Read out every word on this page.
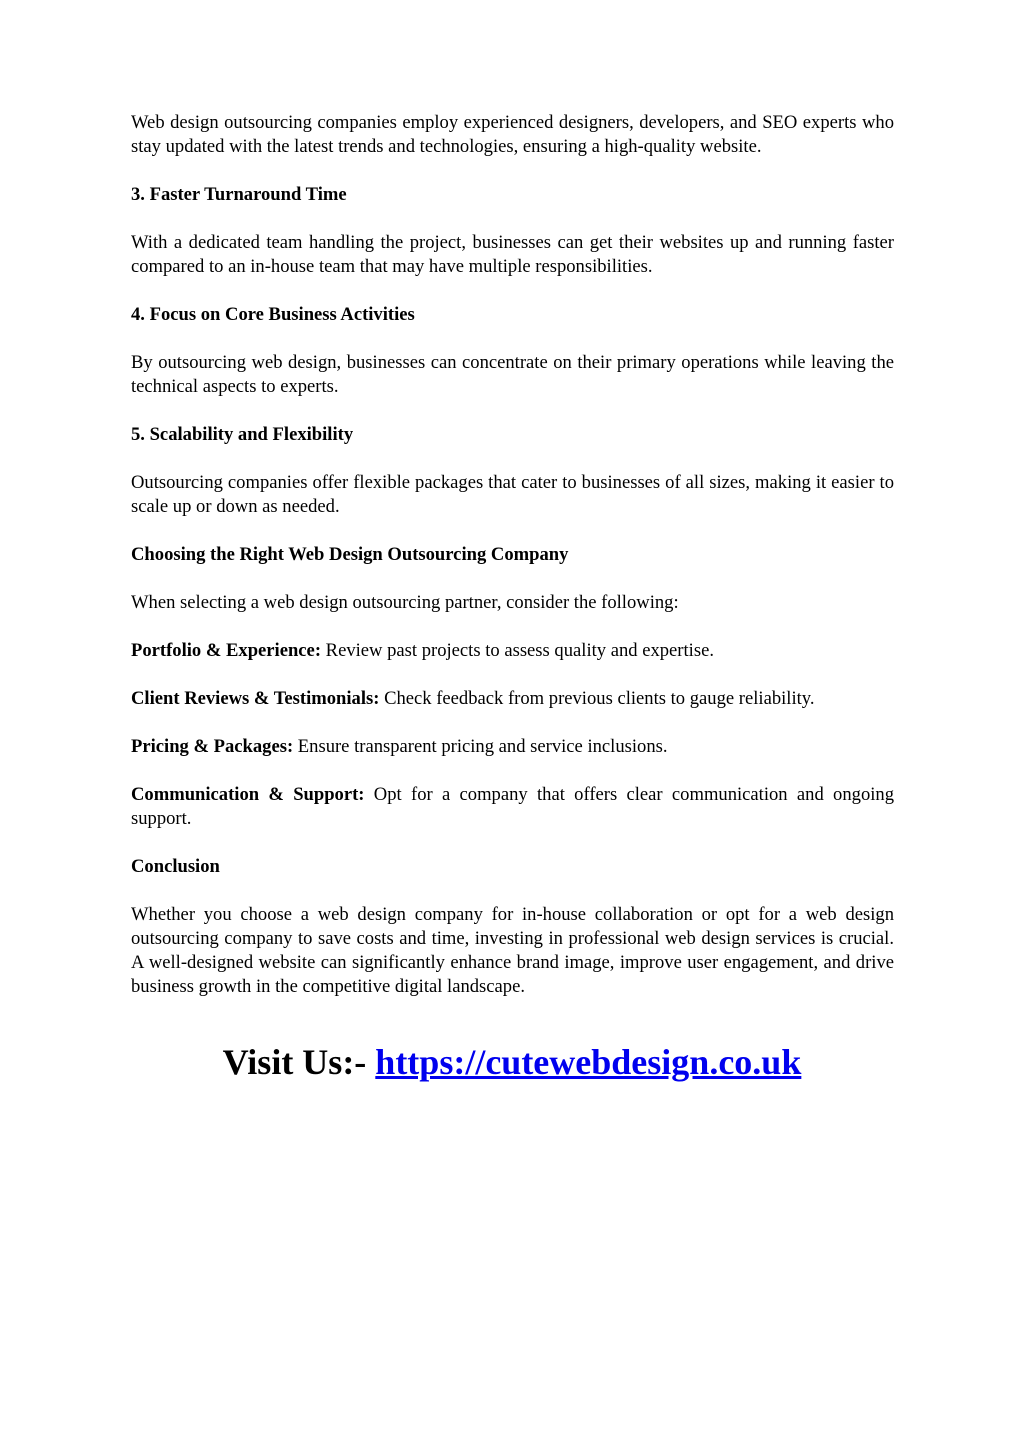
Web design outsourcing companies employ experienced designers, developers, and SEO experts who stay updated with the latest trends and technologies, ensuring a high-quality website.

3. Faster Turnaround Time

With a dedicated team handling the project, businesses can get their websites up and running faster compared to an in-house team that may have multiple responsibilities.

4. Focus on Core Business Activities

By outsourcing web design, businesses can concentrate on their primary operations while leaving the technical aspects to experts.

5. Scalability and Flexibility

Outsourcing companies offer flexible packages that cater to businesses of all sizes, making it easier to scale up or down as needed.

Choosing the Right Web Design Outsourcing Company

When selecting a web design outsourcing partner, consider the following:

Portfolio & Experience: Review past projects to assess quality and expertise.

Client Reviews & Testimonials: Check feedback from previous clients to gauge reliability.

Pricing & Packages: Ensure transparent pricing and service inclusions.

Communication & Support: Opt for a company that offers clear communication and ongoing support.

Conclusion

Whether you choose a web design company for in-house collaboration or opt for a web design outsourcing company to save costs and time, investing in professional web design services is crucial. A well-designed website can significantly enhance brand image, improve user engagement, and drive business growth in the competitive digital landscape.

Visit Us:- https://cutewebdesign.co.uk
